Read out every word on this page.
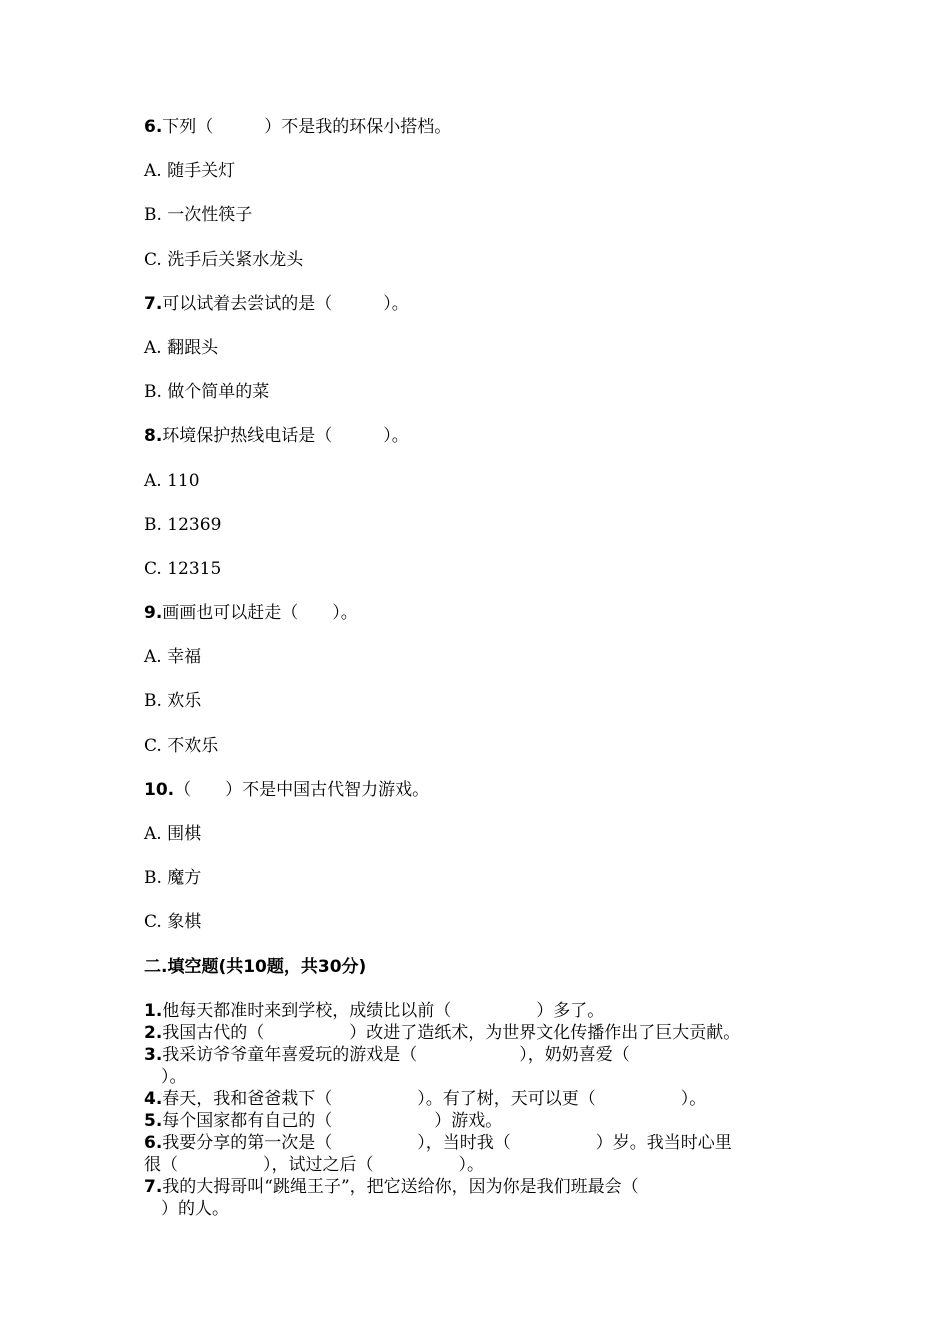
6.下列（　　　）不是我的环保小搭档。
A. 随手关灯
B. 一次性筷子
C. 洗手后关紧水龙头
7.可以试着去尝试的是（　　　）。
A. 翻跟头
B. 做个简单的菜
8.环境保护热线电话是（　　　）。
A. 110
B. 12369
C. 12315
9.画画也可以赶走（　　）。
A. 幸福
B. 欢乐
C. 不欢乐
10.（　　）不是中国古代智力游戏。
A. 围棋
B. 魔方
C. 象棋
二.填空题(共10题，共30分)
1.他每天都准时来到学校，成绩比以前（　　　　　）多了。
2.我国古代的（　　　　　）改进了造纸术，为世界文化传播作出了巨大贡献。
3.我采访爷爷童年喜爱玩的游戏是（　　　　　　），奶奶喜爱（
　）。
4.春天，我和爸爸栽下（　　　　　）。有了树，天可以更（　　　　　）。
5.每个国家都有自己的（　　　　　　）游戏。
6.我要分享的第一次是（　　　　　），当时我（　　　　　）岁。我当时心里
很（　　　　　），试过之后（　　　　　）。
7.我的大拇哥叫“跳绳王子”，把它送给你，因为你是我们班最会（
　）的人。
